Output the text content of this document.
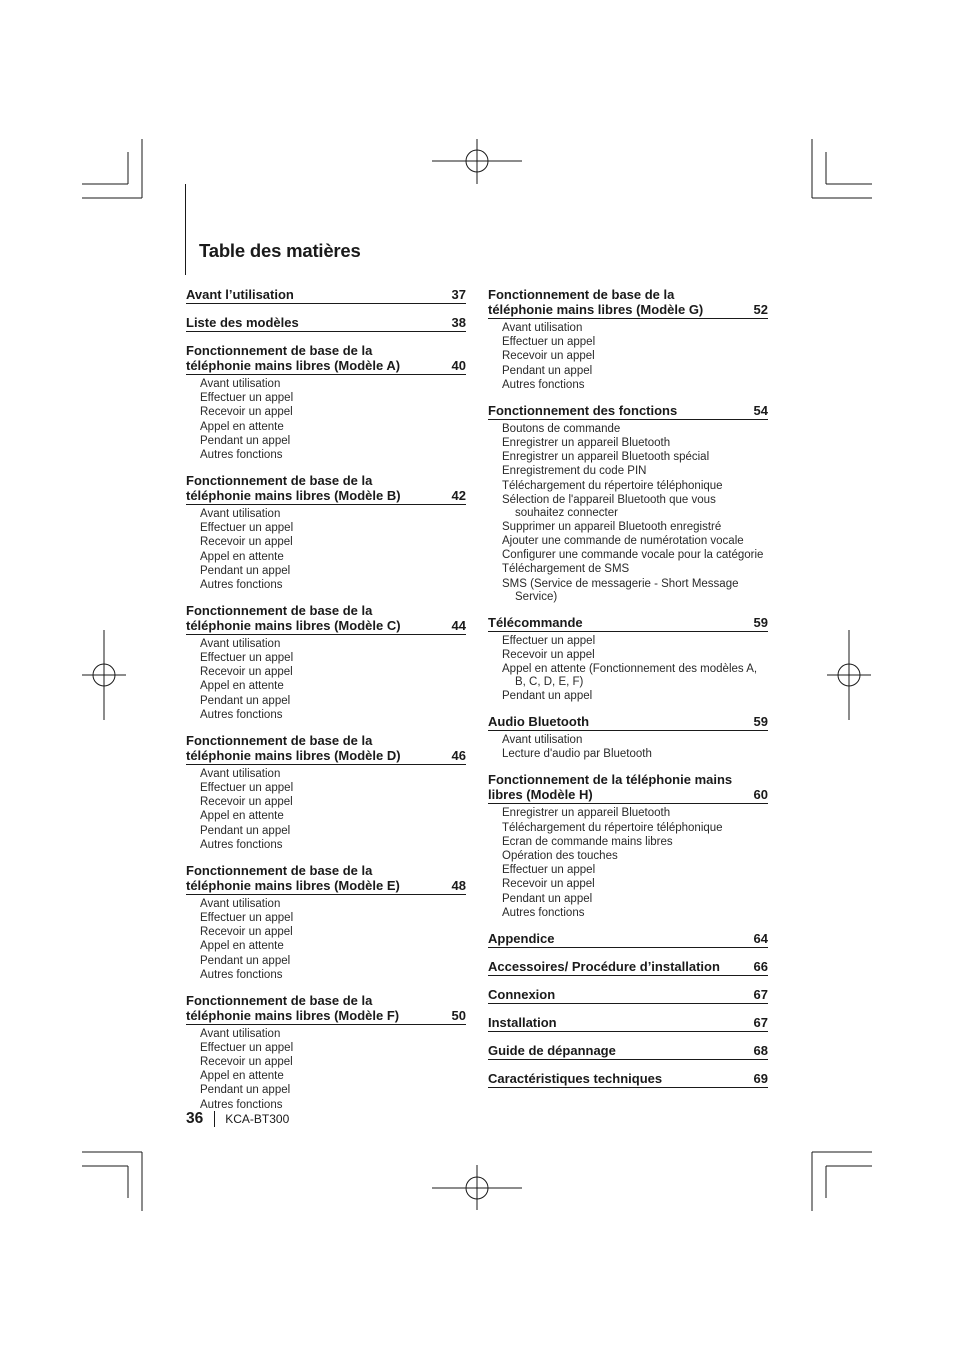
Table des matières
Avant l’utilisation	37
Liste des modèles	38
Fonctionnement de base de la téléphonie mains libres (Modèle A)	40
Avant utilisation
Effectuer un appel
Recevoir un appel
Appel en attente
Pendant un appel
Autres fonctions
Fonctionnement de base de la téléphonie mains libres (Modèle B)	42
Avant utilisation
Effectuer un appel
Recevoir un appel
Appel en attente
Pendant un appel
Autres fonctions
Fonctionnement de base de la téléphonie mains libres (Modèle C)	44
Avant utilisation
Effectuer un appel
Recevoir un appel
Appel en attente
Pendant un appel
Autres fonctions
Fonctionnement de base de la téléphonie mains libres (Modèle D)	46
Avant utilisation
Effectuer un appel
Recevoir un appel
Appel en attente
Pendant un appel
Autres fonctions
Fonctionnement de base de la téléphonie mains libres (Modèle E)	48
Avant utilisation
Effectuer un appel
Recevoir un appel
Appel en attente
Pendant un appel
Autres fonctions
Fonctionnement de base de la téléphonie mains libres (Modèle F)	50
Avant utilisation
Effectuer un appel
Recevoir un appel
Appel en attente
Pendant un appel
Autres fonctions
Fonctionnement de base de la téléphonie mains libres (Modèle G)	52
Avant utilisation
Effectuer un appel
Recevoir un appel
Pendant un appel
Autres fonctions
Fonctionnement des fonctions	54
Boutons de commande
Enregistrer un appareil Bluetooth
Enregistrer un appareil Bluetooth spécial
Enregistrement du code PIN
Téléchargement du répertoire téléphonique
Sélection de l'appareil Bluetooth que vous souhaitez connecter
Supprimer un appareil Bluetooth enregistré
Ajouter une commande de numérotation vocale
Configurer une commande vocale pour la catégorie
Téléchargement de SMS
SMS (Service de messagerie - Short Message Service)
Télécommande	59
Effectuer un appel
Recevoir un appel
Appel en attente (Fonctionnement des modèles A, B, C, D, E, F)
Pendant un appel
Audio Bluetooth	59
Avant utilisation
Lecture d'audio par Bluetooth
Fonctionnement de la téléphonie mains libres (Modèle H)	60
Enregistrer un appareil Bluetooth
Téléchargement du répertoire téléphonique
Ecran de commande mains libres
Opération des touches
Effectuer un appel
Recevoir un appel
Pendant un appel
Autres fonctions
Appendice	64
Accessoires/ Procédure d’installation	66
Connexion	67
Installation	67
Guide de dépannage	68
Caractéristiques techniques	69
36 KCA-BT300
